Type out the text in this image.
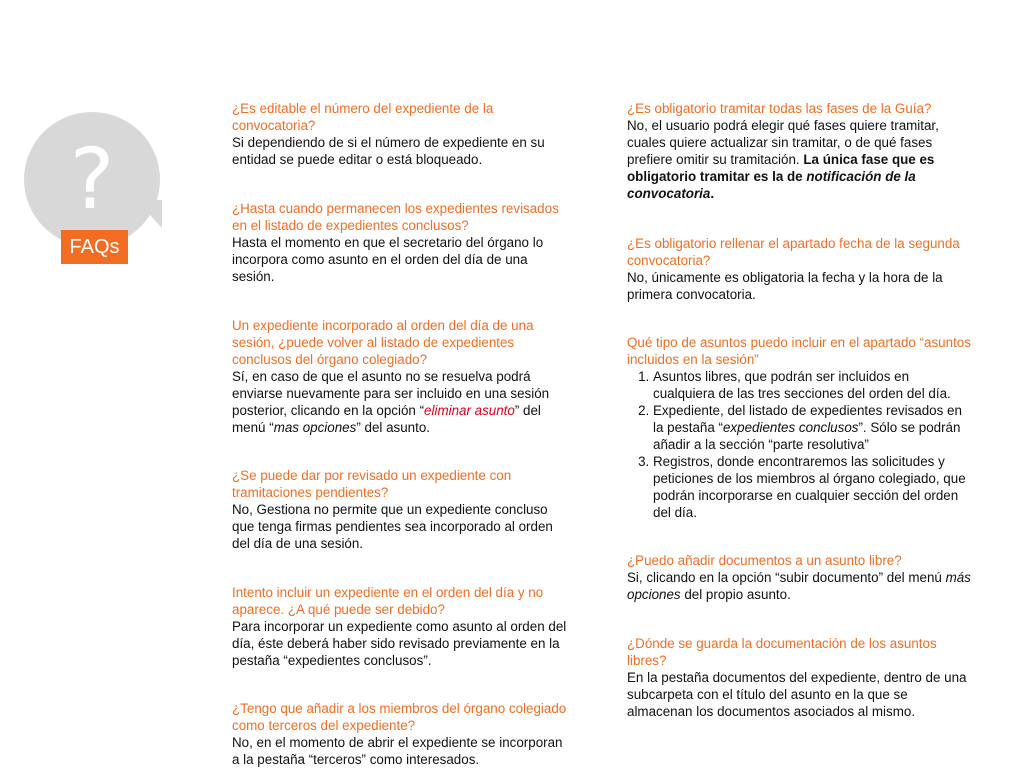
?
FAQs
¿Es editable el número del expediente de la convocatoria?
Si dependiendo de si el número de expediente en su entidad se puede editar o está bloqueado.
¿Hasta cuando permanecen los expedientes revisados en el listado de expedientes conclusos?
Hasta el momento en que el secretario del órgano lo incorpora como asunto en el orden del día de una sesión.
Un expediente incorporado al orden del día de una sesión, ¿puede volver al listado de expedientes conclusos del órgano colegiado?
Sí, en caso de que el asunto no se resuelva podrá enviarse nuevamente para ser incluido en una sesión posterior, clicando en la opción “eliminar asunto” del menú “mas opciones” del asunto.
¿Se puede dar por revisado un expediente con tramitaciones pendientes?
No, Gestiona no permite que un expediente concluso que tenga firmas pendientes sea incorporado al orden del día de una sesión.
Intento incluir un expediente en el orden del día y no aparece. ¿A qué puede ser debido?
Para incorporar un expediente como asunto al orden del día, éste deberá haber sido revisado previamente en la pestaña “expedientes conclusos”.
¿Tengo que añadir a los miembros del órgano colegiado como terceros del expediente?
No, en el momento de abrir el expediente se incorporan a la pestaña “terceros” como interesados.
¿Es obligatorio tramitar todas las fases de la Guía?
No, el usuario podrá elegir qué fases quiere tramitar, cuales quiere actualizar sin tramitar, o de qué fases prefiere omitir su tramitación. La única fase que es obligatorio tramitar es la de notificación de la convocatoria.
¿Es obligatorio rellenar el apartado fecha de la segunda convocatoria?
No, únicamente es obligatoria la fecha y la hora de la primera convocatoria.
Qué tipo de asuntos puedo incluir en el apartado “asuntos incluidos en la sesión”
1. Asuntos libres, que podrán ser incluidos en cualquiera de las tres secciones del orden del día.
2. Expediente, del listado de expedientes revisados en la pestaña “expedientes conclusos”. Sólo se podrán añadir a la sección “parte resolutiva”
3. Registros, donde encontraremos las solicitudes y peticiones de los miembros al órgano colegiado, que podrán incorporarse en cualquier sección del orden del día.
¿Puedo añadir documentos a un asunto libre?
Si, clicando en la opción “subir documento” del menú más opciones del propio asunto.
¿Dónde se guarda la documentación de los asuntos libres?
En la pestaña documentos del expediente, dentro de una subcarpeta con el título del asunto en la que se almacenan los documentos asociados al mismo.
